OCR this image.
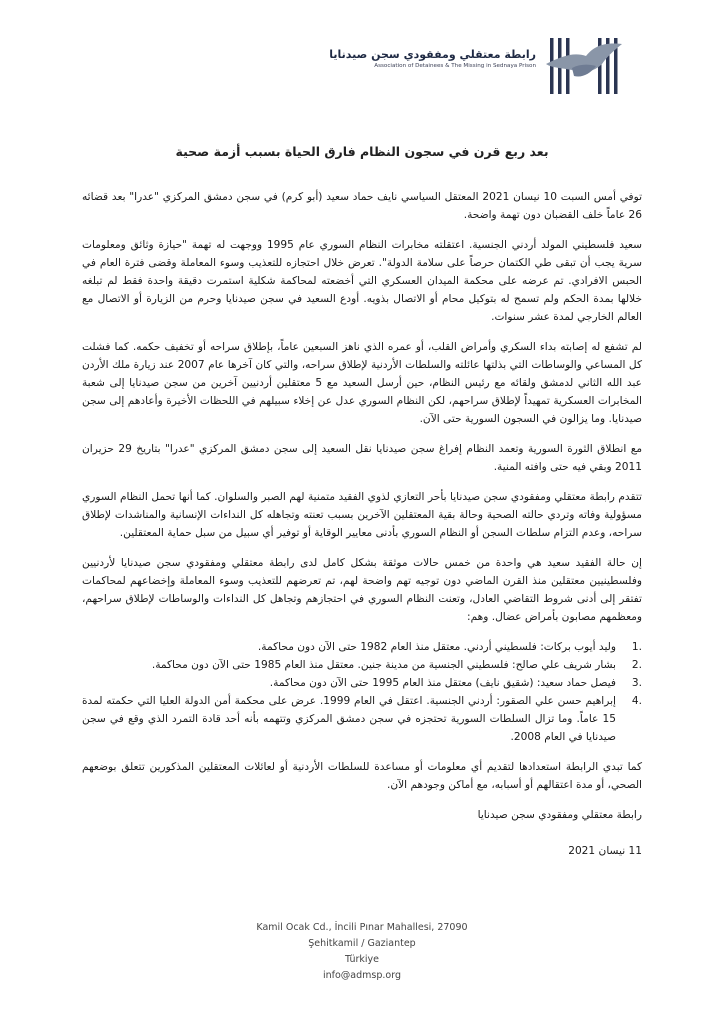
رابطة معتقلي ومفقودي سجن صيدنايا
Association of Detainees & The Missing in Sednaya Prison
بعد ربع قرن في سجون النظام فارق الحياة بسبب أزمة صحية

توفي أمس السبت 10 نيسان 2021 المعتقل السياسي نايف حماد سعيد (أبو كرم) في سجن دمشق المركزي "عدرا" بعد قضائه 26 عاماً خلف القضبان دون تهمة واضحة.

سعيد فلسطيني المولد أردني الجنسية. اعتقلته مخابرات النظام السوري عام 1995 ووجهت له تهمة "حيازة وثائق ومعلومات سرية يجب أن تبقى طي الكتمان حرصاً على سلامة الدولة". تعرض خلال احتجازه للتعذيب وسوء المعاملة وقضى فترة العام في الحبس الافرادي. تم عرضه على محكمة الميدان العسكري التي أخضعته لمحاكمة شكلية استمرت دقيقة واحدة فقط لم تبلغه خلالها بمدة الحكم ولم تسمح له بتوكيل محام أو الاتصال بذويه. أودع السعيد في سجن صيدنايا وحرم من الزيارة أو الاتصال مع العالم الخارجي لمدة عشر سنوات.

لم تشفع له إصابته بداء السكري وأمراض القلب، أو عمره الذي ناهز السبعين عاماً، بإطلاق سراحه أو تخفيف حكمه. كما فشلت كل المساعي والوساطات التي بذلتها عائلته والسلطات الأردنية لإطلاق سراحه، والتي كان آخرها عام 2007 عند زيارة ملك الأردن عبد الله الثاني لدمشق ولقائه مع رئيس النظام، حين أرسل السعيد مع 5 معتقلين أردنيين آخرين من سجن صيدنايا إلى شعبة المخابرات العسكرية تمهيداً لإطلاق سراحهم، لكن النظام السوري عدل عن إخلاء سبيلهم في اللحظات الأخيرة وأعادهم إلى سجن صيدنايا. وما يزالون في السجون السورية حتى الآن.

مع انطلاق الثورة السورية وتعمد النظام إفراغ سجن صيدنايا نقل السعيد إلى سجن دمشق المركزي "عدرا" بتاريخ 29 حزيران 2011 وبقي فيه حتى وافته المنية.

تتقدم رابطة معتقلي ومفقودي سجن صيدنايا بأحر التعازي لذوي الفقيد متمنية لهم الصبر والسلوان. كما أنها تحمل النظام السوري مسؤولية وفاته وتردي حالته الصحية وحالة بقية المعتقلين الآخرين بسبب تعنته وتجاهله كل النداءات الإنسانية والمناشدات لإطلاق سراحه، وعدم التزام سلطات السجن أو النظام السوري بأدنى معايير الوقاية أو توفير أي سبيل من سبل حماية المعتقلين.

إن حالة الفقيد سعيد هي واحدة من خمس حالات موثقة بشكل كامل لدى رابطة معتقلي ومفقودي سجن صيدنايا لأردنيين وفلسطينيين معتقلين منذ القرن الماضي دون توجيه تهم واضحة لهم، تم تعرضهم للتعذيب وسوء المعاملة وإخضاعهم لمحاكمات تفتقر إلى أدنى شروط التقاضي العادل، وتعنت النظام السوري في احتجازهم وتجاهل كل النداءات والوساطات لإطلاق سراحهم، ومعظمهم مصابون بأمراض عضال. وهم:

1.
وليد أيوب بركات: فلسطيني أردني. معتقل منذ العام 1982 حتى الآن دون محاكمة.
2.
بشار شريف علي صالح: فلسطيني الجنسية من مدينة جنين. معتقل منذ العام 1985 حتى الآن دون محاكمة.
3.
فيصل حماد سعيد: (شقيق نايف) معتقل منذ العام 1995 حتى الآن دون محاكمة.
4.
إبراهيم حسن علي الصقور: أردني الجنسية. اعتقل في العام 1999. عرض على محكمة أمن الدولة العليا التي حكمته لمدة 15 عاماً. وما تزال السلطات السورية تحتجزه في سجن دمشق المركزي وتتهمه بأنه أحد قادة التمرد الذي وقع في سجن صيدنايا في العام 2008.

كما تبدي الرابطة استعدادها لتقديم أي معلومات أو مساعدة للسلطات الأردنية أو لعائلات المعتقلين المذكورين تتعلق بوضعهم الصحي، أو مدة اعتقالهم أو أسبابه، مع أماكن وجودهم الآن.

رابطة معتقلي ومفقودي سجن صيدنايا
11 نيسان 2021
Kamil Ocak Cd., İncili Pınar Mahallesi, 27090
Şehitkamil / Gaziantep
Türkiye
info@admsp.org
